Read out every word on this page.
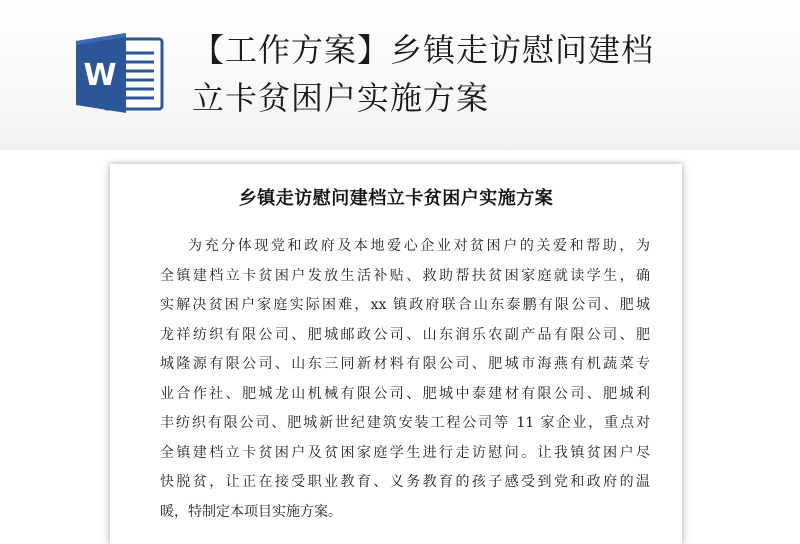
W
【工作方案】乡镇走访慰问建档
立卡贫困户实施方案
乡镇走访慰问建档立卡贫困户实施方案
为充分体现党和政府及本地爱心企业对贫困户的关爱和帮助，为
全镇建档立卡贫困户发放生活补贴、救助帮扶贫困家庭就读学生，确
实解决贫困户家庭实际困难，xx 镇政府联合山东泰鹏有限公司、肥城
龙祥纺织有限公司、肥城邮政公司、山东润乐农副产品有限公司、肥
城隆源有限公司、山东三同新材料有限公司、肥城市海燕有机蔬菜专
业合作社、肥城龙山机械有限公司、肥城中泰建材有限公司、肥城利
丰纺织有限公司、肥城新世纪建筑安装工程公司等 11 家企业，重点对
全镇建档立卡贫困户及贫困家庭学生进行走访慰问。让我镇贫困户尽
快脱贫，让正在接受职业教育、义务教育的孩子感受到党和政府的温
暖，特制定本项目实施方案。
